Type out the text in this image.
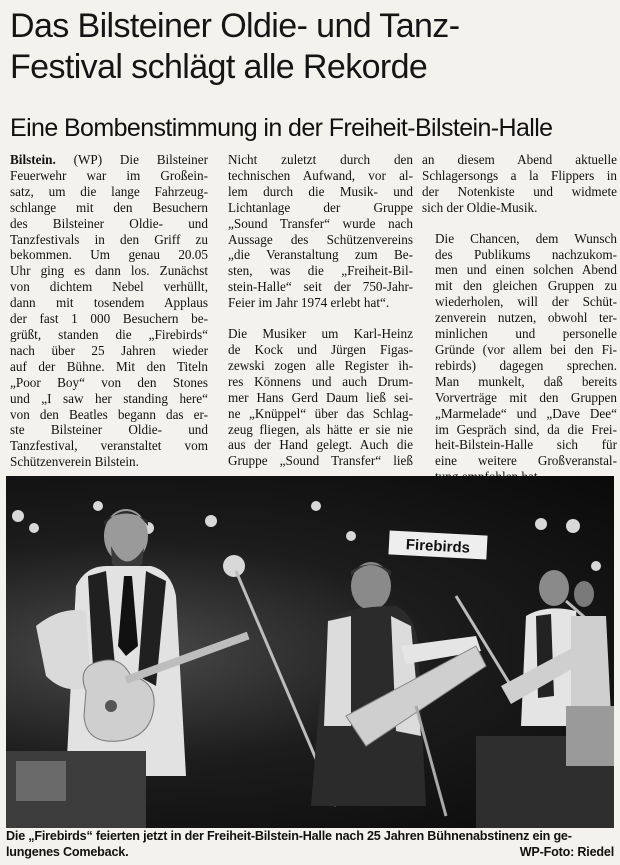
Das Bilsteiner Oldie- und Tanz-
Festival schlägt alle Rekorde
Eine Bombenstimmung in der Freiheit-Bilstein-Halle

Bilstein. (WP) Die Bilsteiner
Feuerwehr war im Großein-
satz, um die lange Fahrzeug-
schlange mit den Besuchern
des Bilsteiner Oldie- und
Tanzfestivals in den Griff zu
bekommen. Um genau 20.05
Uhr ging es dann los. Zunächst
von dichtem Nebel verhüllt,
dann mit tosendem Applaus
der fast 1 000 Besuchern be-
grüßt, standen die „Firebirds“
nach über 25 Jahren wieder
auf der Bühne. Mit den Titeln
„Poor Boy“ von den Stones
und „I saw her standing here“
von den Beatles begann das er-
ste Bilsteiner Oldie- und
Tanzfestival, veranstaltet vom
Schützenverein Bilstein.

Nicht zuletzt durch den
technischen Aufwand, vor al-
lem durch die Musik- und
Lichtanlage der Gruppe
„Sound Transfer“ wurde nach
Aussage des Schützenvereins
„die Veranstaltung zum Be-
sten, was die „Freiheit-Bil-
stein-Halle“ seit der 750-Jahr-
Feier im Jahr 1974 erlebt hat“.

Die Musiker um Karl-Heinz
de Kock und Jürgen Figas-
zewski zogen alle Register ih-
res Könnens und auch Drum-
mer Hans Gerd Daum ließ sei-
ne „Knüppel“ über das Schlag-
zeug fliegen, als hätte er sie nie
aus der Hand gelegt. Auch die
Gruppe „Sound Transfer“ ließ

an diesem Abend aktuelle
Schlagersongs a la Flippers in
der Notenkiste und widmete
sich der Oldie-Musik.

Die Chancen, dem Wunsch
des Publikums nachzukom-
men und einen solchen Abend
mit den gleichen Gruppen zu
wiederholen, will der Schüt-
zenverein nutzen, obwohl ter-
minlichen und personelle
Gründe (vor allem bei den Fi-
rebirds) dagegen sprechen.
Man munkelt, daß bereits
Vorverträge mit den Gruppen
„Marmelade“ und „Dave Dee“
im Gespräch sind, da die Frei-
heit-Bilstein-Halle sich für
eine weitere Großveranstal-

Firebirds
Die „Firebirds“ feierten jetzt in der Freiheit-Bilstein-Halle nach 25 Jahren Bühnenabstinenz ein ge-
lungenes Comeback.	WP-Foto: Riedel
